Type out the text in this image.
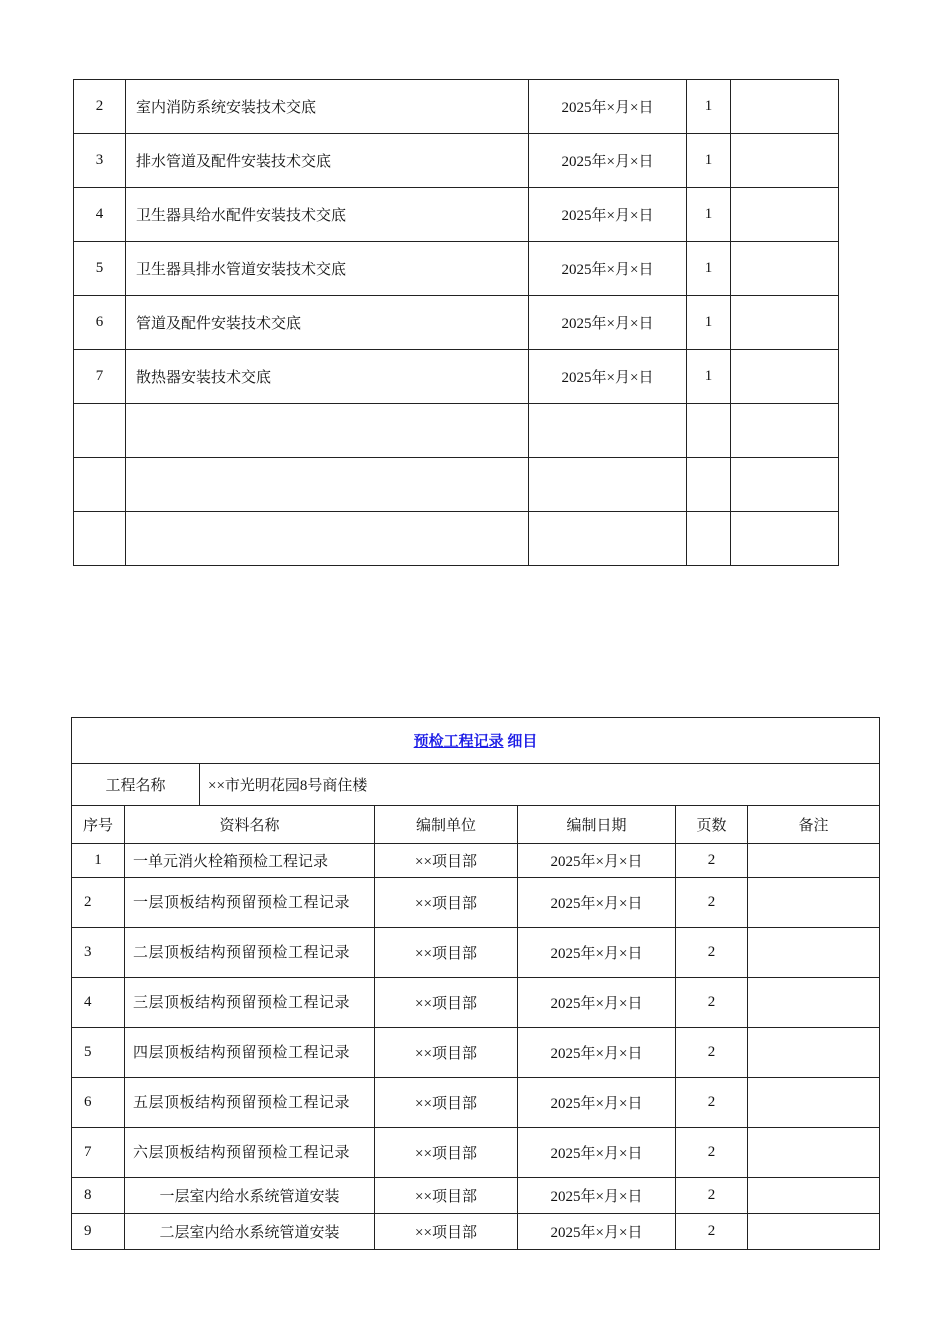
2	室内消防系统安装技术交底	2025年×月×日	1	
3	排水管道及配件安装技术交底	2025年×月×日	1	
4	卫生器具给水配件安装技术交底	2025年×月×日	1	
5	卫生器具排水管道安装技术交底	2025年×月×日	1	
6	管道及配件安装技术交底	2025年×月×日	1	
7	散热器安装技术交底	2025年×月×日	1	

预检工程记录 细目						
工程名称		××市光明花园8号商住楼				
序号	资料名称		编制单位	编制日期	页数	备注
1	一单元消火栓箱预检工程记录		××项目部	2025年×月×日	2	
2	一层顶板结构预留预检工程记录		××项目部	2025年×月×日	2	
3	二层顶板结构预留预检工程记录		××项目部	2025年×月×日	2	
4	三层顶板结构预留预检工程记录		××项目部	2025年×月×日	2	
5	四层顶板结构预留预检工程记录		××项目部	2025年×月×日	2	
6	五层顶板结构预留预检工程记录		××项目部	2025年×月×日	2	
7	六层顶板结构预留预检工程记录		××项目部	2025年×月×日	2	
8	一层室内给水系统管道安装		××项目部	2025年×月×日	2	
9	二层室内给水系统管道安装		××项目部	2025年×月×日	2	
